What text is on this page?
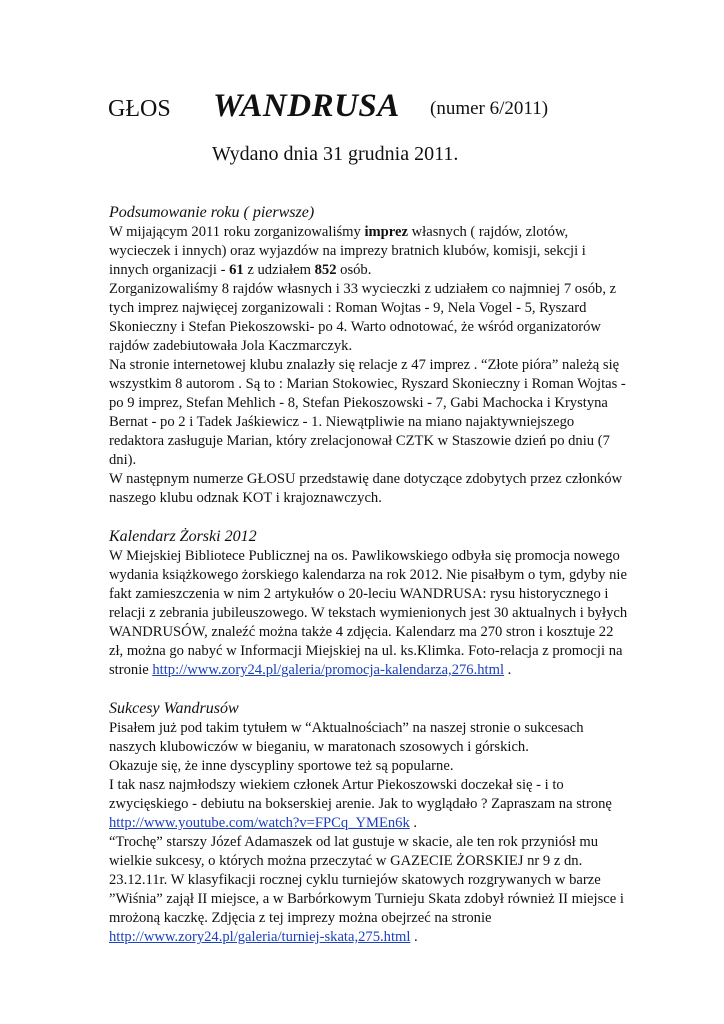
GŁOS WANDRUSA (numer 6/2011)
Wydano dnia 31 grudnia 2011.

Podsumowanie roku ( pierwsze)

W mijającym 2011 roku zorganizowaliśmy imprez własnych ( rajdów, zlotów, wycieczek i innych) oraz wyjazdów na imprezy bratnich klubów, komisji, sekcji i innych organizacji - 61 z udziałem 852 osób.

Zorganizowaliśmy 8 rajdów własnych i 33 wycieczki z udziałem co najmniej 7 osób, z tych imprez najwięcej zorganizowali : Roman Wojtas - 9, Nela Vogel - 5, Ryszard Skonieczny i Stefan Piekoszowski- po 4. Warto odnotować, że wśród organizatorów rajdów zadebiutowała Jola Kaczmarczyk.

Na stronie internetowej klubu znalazły się relacje z 47 imprez . “Złote pióra” należą się wszystkim 8 autorom . Są to : Marian Stokowiec, Ryszard Skonieczny i Roman Wojtas - po 9 imprez, Stefan Mehlich - 8, Stefan Piekoszowski - 7, Gabi Machocka i Krystyna Bernat - po 2 i Tadek Jaśkiewicz - 1. Niewątpliwie na miano najaktywniejszego redaktora zasługuje Marian, który zrelacjonował CZTK w Staszowie dzień po dniu (7 dni).

W następnym numerze GŁOSU przedstawię dane dotyczące zdobytych przez członków naszego klubu odznak KOT i krajoznawczych.

Kalendarz Żorski 2012

W Miejskiej Bibliotece Publicznej na os. Pawlikowskiego odbyła się promocja nowego wydania książkowego żorskiego kalendarza na rok 2012. Nie pisałbym o tym, gdyby nie fakt zamieszczenia w nim 2 artykułów o 20-leciu WANDRUSA: rysu historycznego i relacji z zebrania jubileuszowego. W tekstach wymienionych jest 30 aktualnych i byłych WANDRUSÓW, znaleźć można także 4 zdjęcia. Kalendarz ma 270 stron i kosztuje 22 zł, można go nabyć w Informacji Miejskiej na ul. ks.Klimka. Foto-relacja z promocji na stronie http://www.zory24.pl/galeria/promocja-kalendarza,276.html .

Sukcesy Wandrusów

Pisałem już pod takim tytułem w “Aktualnościach” na naszej stronie o sukcesach naszych klubowiczów w bieganiu, w maratonach szosowych i górskich.

Okazuje się, że inne dyscypliny sportowe też są popularne.

I tak nasz najmłodszy wiekiem członek Artur Piekoszowski doczekał się - i to zwycięskiego - debiutu na bokserskiej arenie. Jak to wyglądało ? Zapraszam na stronę http://www.youtube.com/watch?v=FPCq_YMEn6k .

“Trochę” starszy Józef Adamaszek od lat gustuje w skacie, ale ten rok przyniósł mu wielkie sukcesy, o których można przeczytać w GAZECIE ŻORSKIEJ nr 9 z dn. 23.12.11r. W klasyfikacji rocznej cyklu turniejów skatowych rozgrywanych w barze ”Wiśnia” zajął II miejsce, a w Barbórkowym Turnieju Skata zdobył również II miejsce i mrożoną kaczkę. Zdjęcia z tej imprezy można obejrzeć na stronie

http://www.zory24.pl/galeria/turniej-skata,275.html .
